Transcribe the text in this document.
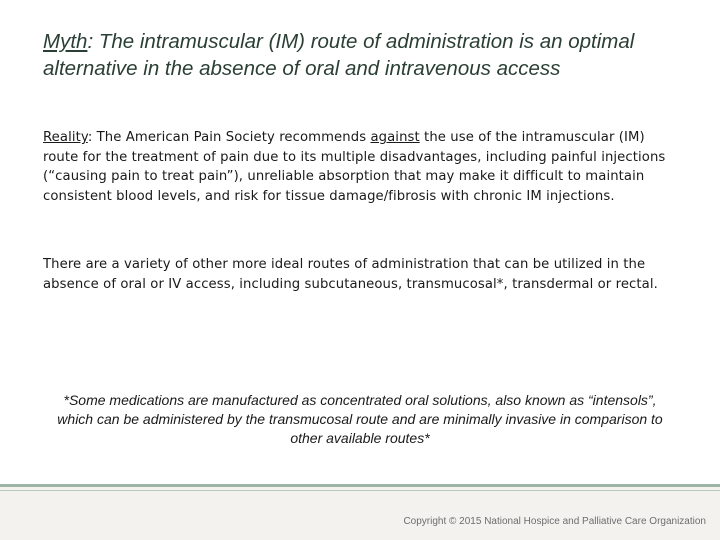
Myth: The intramuscular (IM) route of administration is an optimal alternative in the absence of oral and intravenous access

Reality: The American Pain Society recommends against the use of the intramuscular (IM) route for the treatment of pain due to its multiple disadvantages, including painful injections (“causing pain to treat pain”), unreliable absorption that may make it difficult to maintain consistent blood levels, and risk for tissue damage/fibrosis with chronic IM injections.

There are a variety of other more ideal routes of administration that can be utilized in the absence of oral or IV access, including subcutaneous, transmucosal*, transdermal or rectal.

*Some medications are manufactured as concentrated oral solutions, also known as “intensols”, which can be administered by the transmucosal route and are minimally invasive in comparison to other available routes*

Copyright © 2015 National Hospice and Palliative Care Organization
